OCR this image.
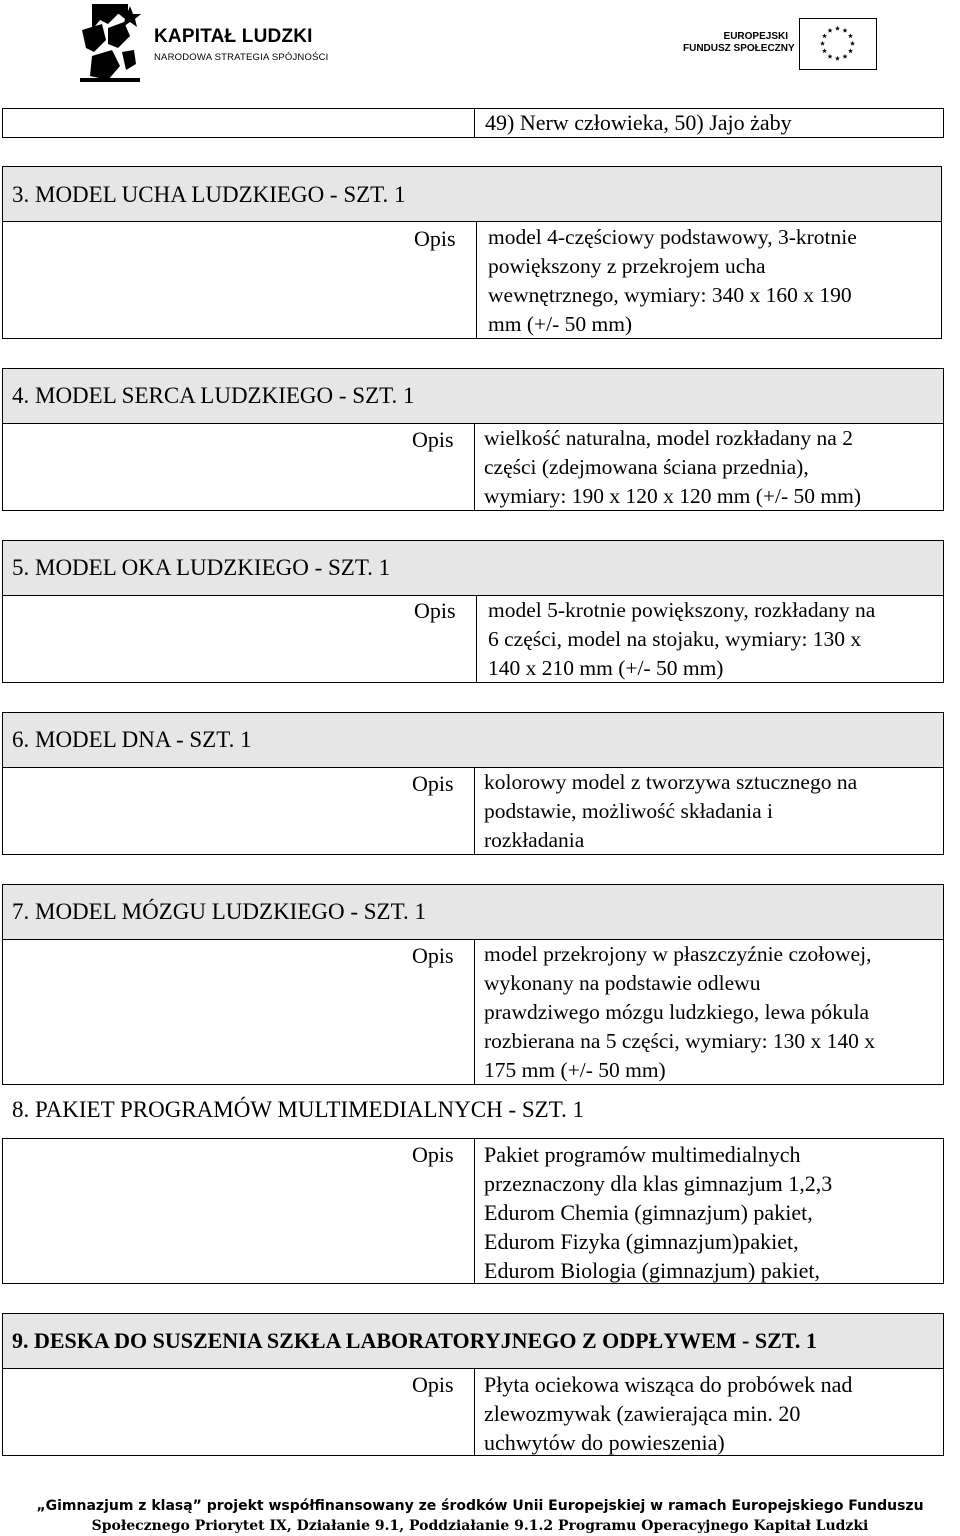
KAPITAŁ LUDZKI
NARODOWA STRATEGIA SPÓJNOŚCI
EUROPEJSKI
FUNDUSZ SPOŁECZNY
49) Nerw człowieka, 50) Jajo żaby
3. MODEL UCHA LUDZKIEGO - SZT. 1
Opis model 4-częściowy podstawowy, 3-krotnie
powiększony z przekrojem ucha
wewnętrznego, wymiary: 340 x 160 x 190
mm (+/- 50 mm)
4. MODEL SERCA LUDZKIEGO - SZT. 1
Opis wielkość naturalna, model rozkładany na 2
części (zdejmowana ściana przednia),
wymiary: 190 x 120 x 120 mm (+/- 50 mm)
5. MODEL OKA LUDZKIEGO - SZT. 1
Opis model 5-krotnie powiększony, rozkładany na
6 części, model na stojaku, wymiary: 130 x
140 x 210 mm (+/- 50 mm)
6. MODEL DNA - SZT. 1
Opis kolorowy model z tworzywa sztucznego na
podstawie, możliwość składania i
rozkładania
7. MODEL MÓZGU LUDZKIEGO - SZT. 1
Opis model przekrojony w płaszczyźnie czołowej,
wykonany na podstawie odlewu
prawdziwego mózgu ludzkiego, lewa pókula
rozbierana na 5 części, wymiary: 130 x 140 x
175 mm (+/- 50 mm)
8. PAKIET PROGRAMÓW MULTIMEDIALNYCH - SZT. 1
Opis Pakiet programów multimedialnych
przeznaczony dla klas gimnazjum 1,2,3
Edurom Chemia (gimnazjum) pakiet,
Edurom Fizyka (gimnazjum)pakiet,
Edurom Biologia (gimnazjum) pakiet,
9. DESKA DO SUSZENIA SZKŁA LABORATORYJNEGO Z ODPŁYWEM - SZT. 1
Opis Płyta ociekowa wisząca do probówek nad
zlewozmywak (zawierająca min. 20
uchwytów do powieszenia)
„Gimnazjum z klasą” projekt współfinansowany ze środków Unii Europejskiej w ramach Europejskiego Funduszu
Społecznego Priorytet IX, Działanie 9.1, Poddziałanie 9.1.2 Programu Operacyjnego Kapitał Ludzki
